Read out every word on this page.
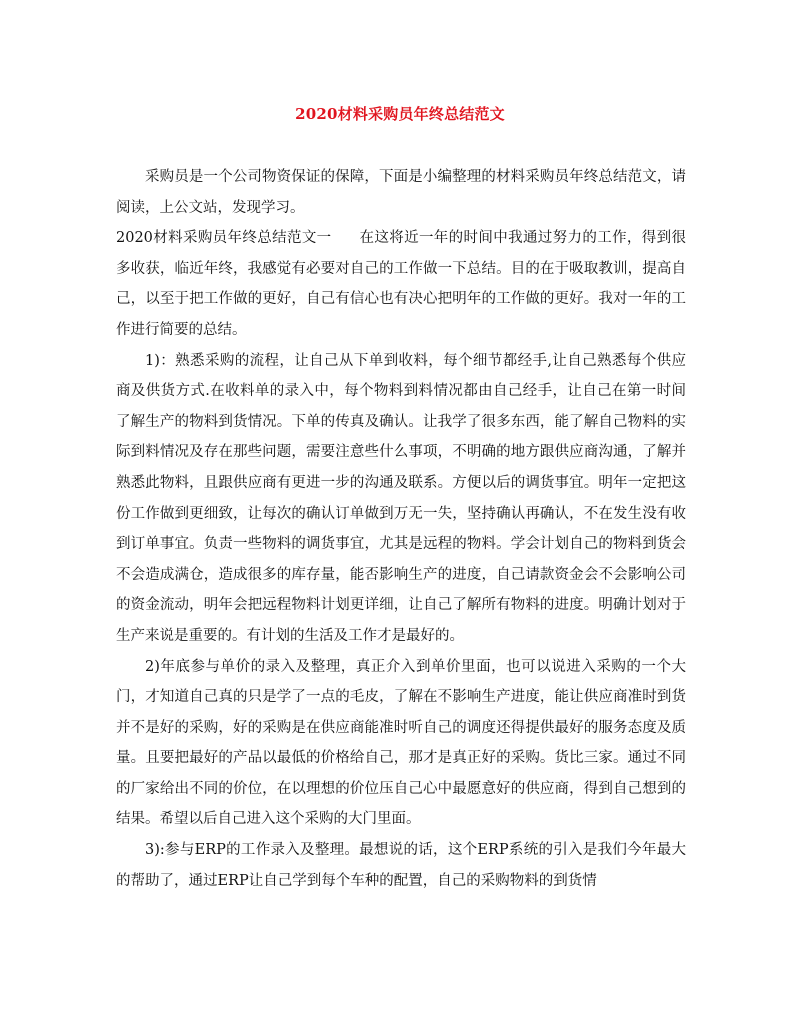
2020材料采购员年终总结范文

采购员是一个公司物资保证的保障，下面是小编整理的材料采购员年终总结范文，请阅读，上公文站，发现学习。

2020材料采购员年终总结范文一 在这将近一年的时间中我通过努力的工作，得到很多收获，临近年终，我感觉有必要对自己的工作做一下总结。目的在于吸取教训，提高自己，以至于把工作做的更好，自己有信心也有决心把明年的工作做的更好。我对一年的工作进行简要的总结。

1)：熟悉采购的流程，让自己从下单到收料，每个细节都经手,让自己熟悉每个供应商及供货方式.在收料单的录入中，每个物料到料情况都由自己经手，让自己在第一时间了解生产的物料到货情况。下单的传真及确认。让我学了很多东西，能了解自己物料的实际到料情况及存在那些问题，需要注意些什么事项，不明确的地方跟供应商沟通，了解并熟悉此物料，且跟供应商有更进一步的沟通及联系。方便以后的调货事宜。明年一定把这份工作做到更细致，让每次的确认订单做到万无一失，坚持确认再确认，不在发生没有收到订单事宜。负责一些物料的调货事宜，尤其是远程的物料。学会计划自己的物料到货会不会造成满仓，造成很多的库存量，能否影响生产的进度，自己请款资金会不会影响公司的资金流动，明年会把远程物料计划更详细，让自己了解所有物料的进度。明确计划对于生产来说是重要的。有计划的生活及工作才是最好的。

2)年底参与单价的录入及整理，真正介入到单价里面，也可以说进入采购的一个大门，才知道自己真的只是学了一点的毛皮，了解在不影响生产进度，能让供应商准时到货并不是好的采购，好的采购是在供应商能准时听自己的调度还得提供最好的服务态度及质量。且要把最好的产品以最低的价格给自己，那才是真正好的采购。货比三家。通过不同的厂家给出不同的价位，在以理想的价位压自己心中最愿意好的供应商，得到自己想到的结果。希望以后自己进入这个采购的大门里面。

3):参与ERP的工作录入及整理。最想说的话，这个ERP系统的引入是我们今年最大的帮助了，通过ERP让自己学到每个车种的配置，自己的采购物料的到货情
